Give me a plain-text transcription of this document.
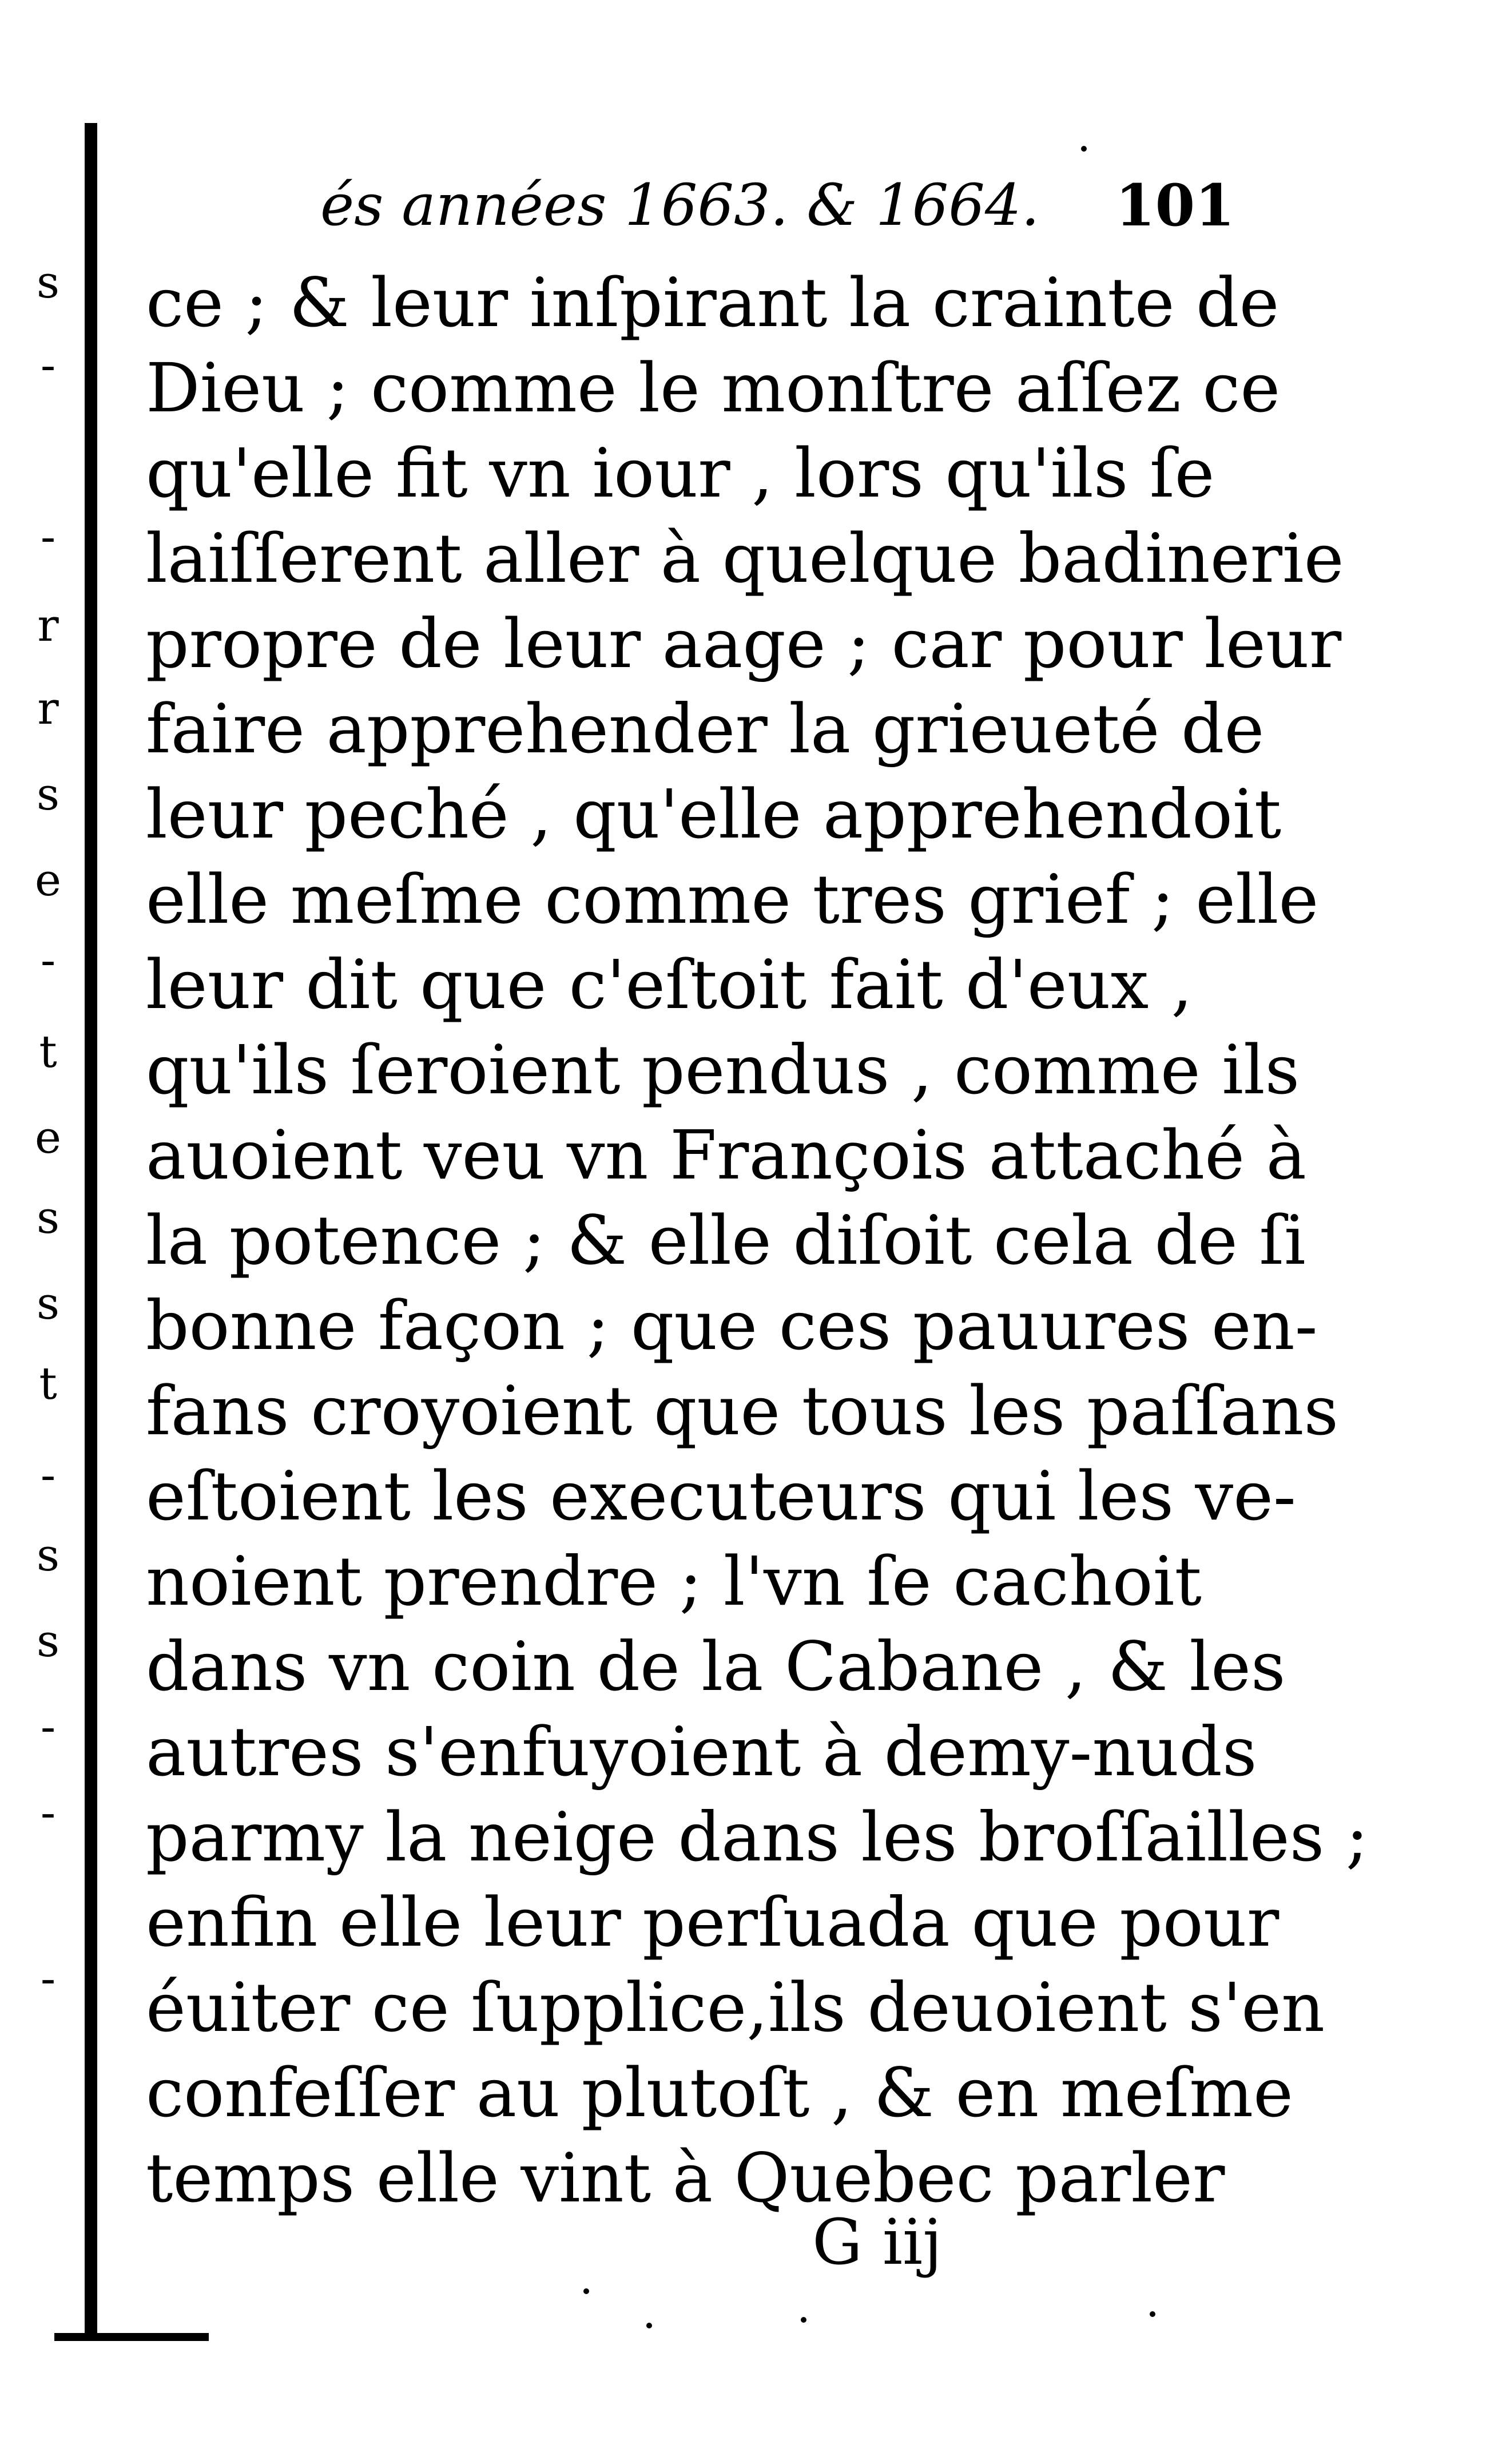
s
-
-
r
r
s
e
-
t
e
s
s
t
-
s
s
-
-
-
és années 1663. & 1664.	101
ce ; & leur inſpirant la crainte de
Dieu ; comme le monſtre aſſez ce
qu'elle fit vn iour , lors qu'ils ſe
laiſſerent aller à quelque badinerie
propre de leur aage ; car pour leur
faire apprehender la grieueté de
leur peché , qu'elle apprehendoit
elle meſme comme tres grief ; elle
leur dit que c'eſtoit fait d'eux ,
qu'ils ſeroient pendus , comme ils
auoient veu vn François attaché à
la potence ; & elle diſoit cela de ſi
bonne façon ; que ces pauures en-
fans croyoient que tous les paſſans
eſtoient les executeurs qui les ve-
noient prendre ; l'vn ſe cachoit
dans vn coin de la Cabane , & les
autres s'enfuyoient à demy-nuds
parmy la neige dans les broſſailles ;
enfin elle leur perſuada que pour
éuiter ce ſupplice,ils deuoient s'en
confeſſer au plutoſt , & en meſme
temps elle vint à Quebec parler
G iij
